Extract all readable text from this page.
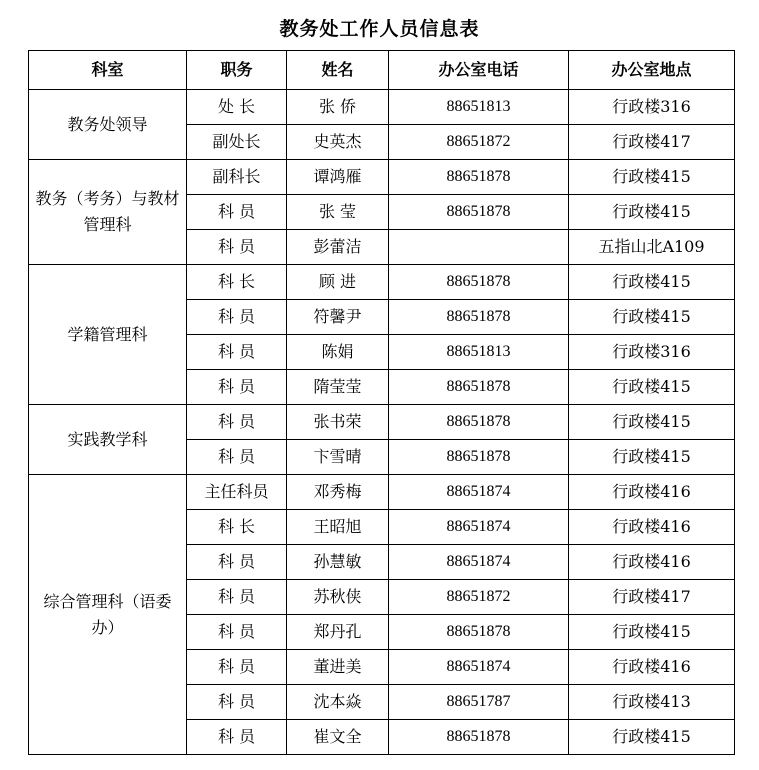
教务处工作人员信息表
科室	职务	姓名	办公室电话	办公室地点
教务处领导	处 长	张 侨	88651813	行政楼316
	副处长	史英杰	88651872	行政楼417
教务（考务）与教材管理科	副科长	谭鸿雁	88651878	行政楼415
	科 员	张 莹	88651878	行政楼415
	科 员	彭蕾洁		五指山北A109
学籍管理科	科 长	顾 进	88651878	行政楼415
	科 员	符馨尹	88651878	行政楼415
	科 员	陈娟	88651813	行政楼316
	科 员	隋莹莹	88651878	行政楼415
实践教学科	科 员	张书荣	88651878	行政楼415
	科 员	卞雪晴	88651878	行政楼415
综合管理科（语委办）	主任科员	邓秀梅	88651874	行政楼416
	科 长	王昭旭	88651874	行政楼416
	科 员	孙慧敏	88651874	行政楼416
	科 员	苏秋侠	88651872	行政楼417
	科 员	郑丹孔	88651878	行政楼415
	科 员	董进美	88651874	行政楼416
	科 员	沈本焱	88651787	行政楼413
	科 员	崔文全	88651878	行政楼415
